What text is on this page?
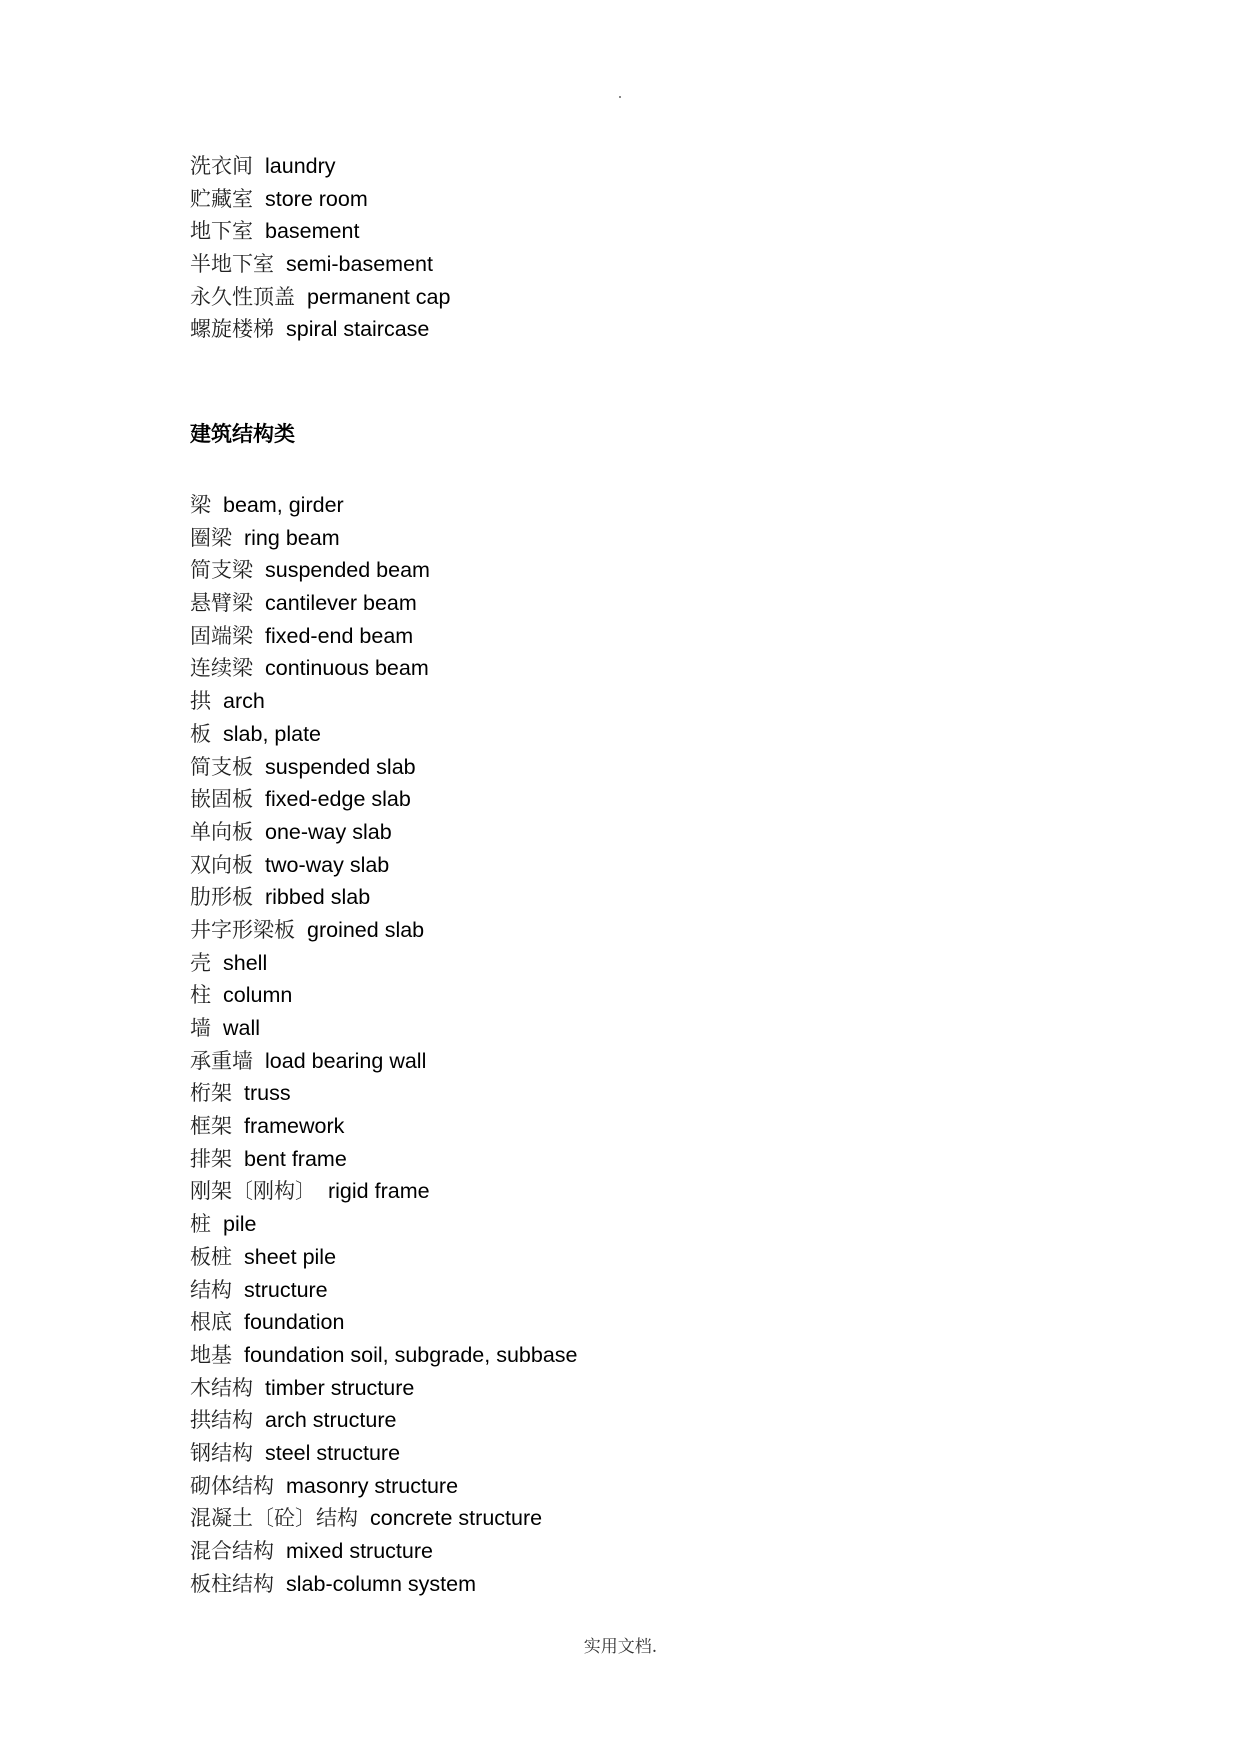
洗衣间 laundry
贮藏室 store room
地下室 basement
半地下室 semi-basement
永久性顶盖 permanent cap
螺旋楼梯 spiral staircase
建筑结构类
梁 beam, girder
圈梁 ring beam
简支梁 suspended beam
悬臂梁 cantilever beam
固端梁 fixed-end beam
连续梁 continuous beam
拱 arch
板 slab, plate
简支板 suspended slab
嵌固板 fixed-edge slab
单向板 one-way slab
双向板 two-way slab
肋形板 ribbed slab
井字形梁板 groined slab
壳 shell
柱 column
墙 wall
承重墙 load bearing wall
桁架 truss
框架 framework
排架 bent frame
刚架〔刚构〕 rigid frame
桩 pile
板桩 sheet pile
结构 structure
根底 foundation
地基 foundation soil, subgrade, subbase
木结构 timber structure
拱结构 arch structure
钢结构 steel structure
砌体结构 masonry structure
混凝土〔砼〕结构 concrete structure
混合结构 mixed structure
板柱结构 slab-column system
实用文档.
